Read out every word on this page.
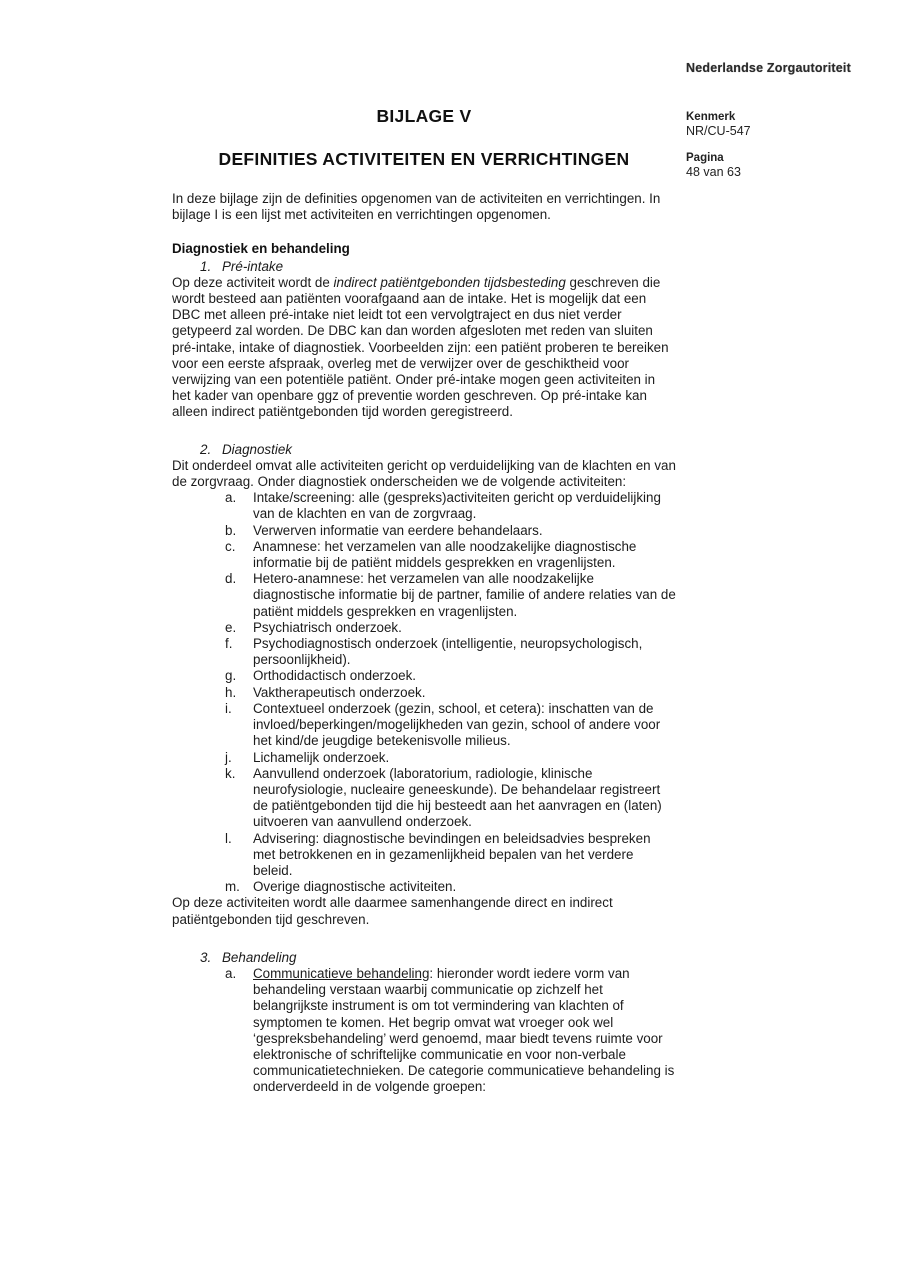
Nederlandse Zorgautoriteit
Kenmerk
NR/CU-547
Pagina
48 van 63
BIJLAGE V
DEFINITIES ACTIVITEITEN EN VERRICHTINGEN

In deze bijlage zijn de definities opgenomen van de activiteiten en verrichtingen. In bijlage I is een lijst met activiteiten en verrichtingen opgenomen.

Diagnostiek en behandeling
1. Pré-intake

Op deze activiteit wordt de indirect patiëntgebonden tijdsbesteding geschreven die wordt besteed aan patiënten voorafgaand aan de intake. Het is mogelijk dat een DBC met alleen pré-intake niet leidt tot een vervolgtraject en dus niet verder getypeerd zal worden. De DBC kan dan worden afgesloten met reden van sluiten pré-intake, intake of diagnostiek. Voorbeelden zijn: een patiënt proberen te bereiken voor een eerste afspraak, overleg met de verwijzer over de geschiktheid voor verwijzing van een potentiële patiënt. Onder pré-intake mogen geen activiteiten in het kader van openbare ggz of preventie worden geschreven. Op pré-intake kan alleen indirect patiëntgebonden tijd worden geregistreerd.

2. Diagnostiek

Dit onderdeel omvat alle activiteiten gericht op verduidelijking van de klachten en van de zorgvraag. Onder diagnostiek onderscheiden we de volgende activiteiten:

a.	Intake/screening: alle (gespreks)activiteiten gericht op verduidelijking van de klachten en van de zorgvraag.
b.	Verwerven informatie van eerdere behandelaars.
c.	Anamnese: het verzamelen van alle noodzakelijke diagnostische informatie bij de patiënt middels gesprekken en vragenlijsten.
d.	Hetero-anamnese: het verzamelen van alle noodzakelijke diagnostische informatie bij de partner, familie of andere relaties van de patiënt middels gesprekken en vragenlijsten.
e.	Psychiatrisch onderzoek.
f.	Psychodiagnostisch onderzoek (intelligentie, neuropsychologisch, persoonlijkheid).
g.	Orthodidactisch onderzoek.
h.	Vaktherapeutisch onderzoek.
i.	Contextueel onderzoek (gezin, school, et cetera): inschatten van de invloed/beperkingen/mogelijkheden van gezin, school of andere voor het kind/de jeugdige betekenisvolle milieus.
j.	Lichamelijk onderzoek.
k.	Aanvullend onderzoek (laboratorium, radiologie, klinische neurofysiologie, nucleaire geneeskunde). De behandelaar registreert de patiëntgebonden tijd die hij besteedt aan het aanvragen en (laten) uitvoeren van aanvullend onderzoek.
l.	Advisering: diagnostische bevindingen en beleidsadvies bespreken met betrokkenen en in gezamenlijkheid bepalen van het verdere beleid.
m. Overige diagnostische activiteiten.

Op deze activiteiten wordt alle daarmee samenhangende direct en indirect patiëntgebonden tijd geschreven.

3. Behandeling
a.	Communicatieve behandeling: hieronder wordt iedere vorm van behandeling verstaan waarbij communicatie op zichzelf het belangrijkste instrument is om tot vermindering van klachten of symptomen te komen. Het begrip omvat wat vroeger ook wel ‘gespreksbehandeling’ werd genoemd, maar biedt tevens ruimte voor elektronische of schriftelijke communicatie en voor non-verbale communicatietechnieken. De categorie communicatieve behandeling is onderverdeeld in de volgende groepen:
